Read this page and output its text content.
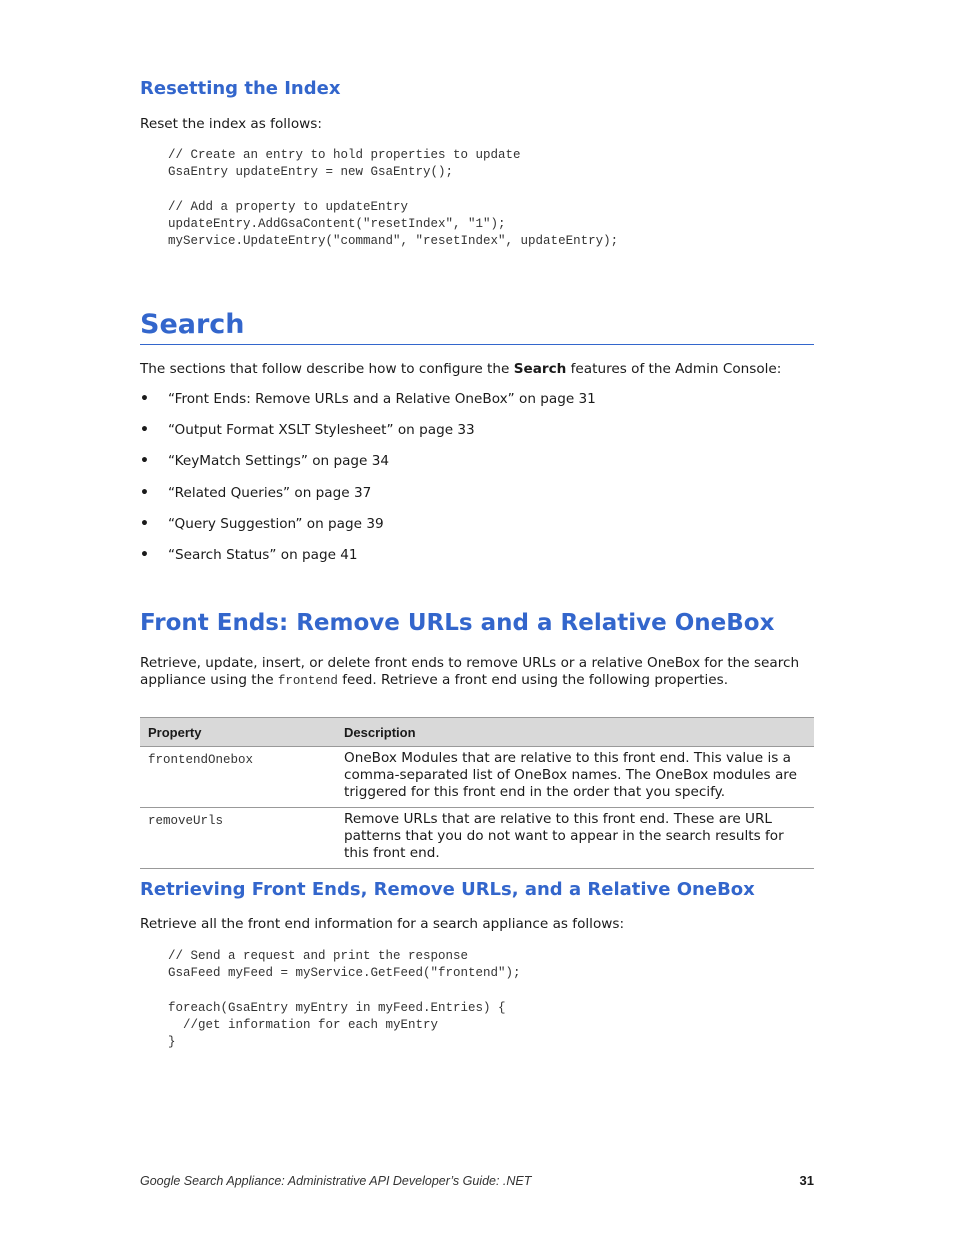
Resetting the Index

Reset the index as follows:

// Create an entry to hold properties to update
GsaEntry updateEntry = new GsaEntry();

// Add a property to updateEntry
updateEntry.AddGsaContent("resetIndex", "1");
myService.UpdateEntry("command", "resetIndex", updateEntry);
Search

The sections that follow describe how to configure the Search features of the Admin Console:

• “Front Ends: Remove URLs and a Relative OneBox” on page 31
• “Output Format XSLT Stylesheet” on page 33
• “KeyMatch Settings” on page 34
• “Related Queries” on page 37
• “Query Suggestion” on page 39
• “Search Status” on page 41
Front Ends: Remove URLs and a Relative OneBox

Retrieve, update, insert, or delete front ends to remove URLs or a relative OneBox for the search appliance using the frontend feed. Retrieve a front end using the following properties.

Property	Description
frontendOnebox	OneBox Modules that are relative to this front end. This value is a comma-separated list of OneBox names. The OneBox modules are triggered for this front end in the order that you specify.
removeUrls	Remove URLs that are relative to this front end. These are URL patterns that you do not want to appear in the search results for this front end.
Retrieving Front Ends, Remove URLs, and a Relative OneBox

Retrieve all the front end information for a search appliance as follows:

// Send a request and print the response
GsaFeed myFeed = myService.GetFeed("frontend");

foreach(GsaEntry myEntry in myFeed.Entries) {
//get information for each myEntry
}
Google Search Appliance: Administrative API Developer’s Guide: .NET	31
